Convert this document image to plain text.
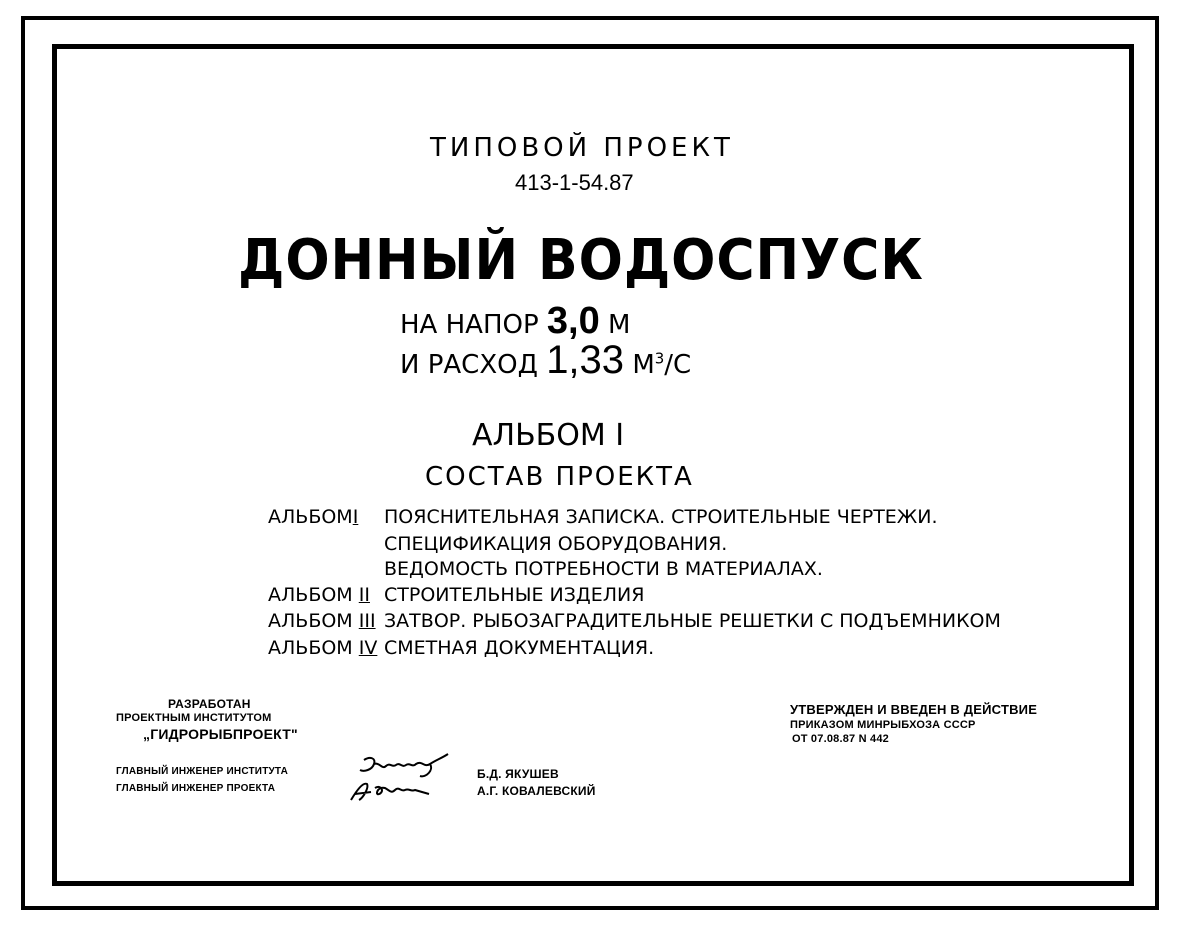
ТИПОВОЙ ПРОЕКТ
413-1-54.87
ДОННЫЙ ВОДОСПУСК
НА НАПОР 3,0 М
И РАСХОД 1,33 $М^3/С$
АЛЬБОМ I
СОСТАВ ПРОЕКТА
АЛЬБОМI ПОЯСНИТЕЛЬНАЯ ЗАПИСКА. СТРОИТЕЛЬНЫЕ ЧЕРТЕЖИ.
СПЕЦИФИКАЦИЯ ОБОРУДОВАНИЯ.
ВЕДОМОСТЬ ПОТРЕБНОСТИ В МАТЕРИАЛАХ.
АЛЬБОМ II СТРОИТЕЛЬНЫЕ ИЗДЕЛИЯ
АЛЬБОМ III ЗАТВОР. РЫБОЗАГРАДИТЕЛЬНЫЕ РЕШЕТКИ С ПОДЪЕМНИКОМ
АЛЬБОМ IV СМЕТНАЯ ДОКУМЕНТАЦИЯ.
РАЗРАБОТАН
ПРОЕКТНЫМ ИНСТИТУТОМ
„ГИДРОРЫБПРОЕКТ"
ГЛАВНЫЙ ИНЖЕНЕР ИНСТИТУТА
ГЛАВНЫЙ ИНЖЕНЕР ПРОЕКТА
Б.Д. ЯКУШЕВ
А.Г. КОВАЛЕВСКИЙ
УТВЕРЖДЕН И ВВЕДЕН В ДЕЙСТВИЕ
ПРИКАЗОМ МИНРЫБХОЗА СССР
ОТ 07.08.87 N 442
